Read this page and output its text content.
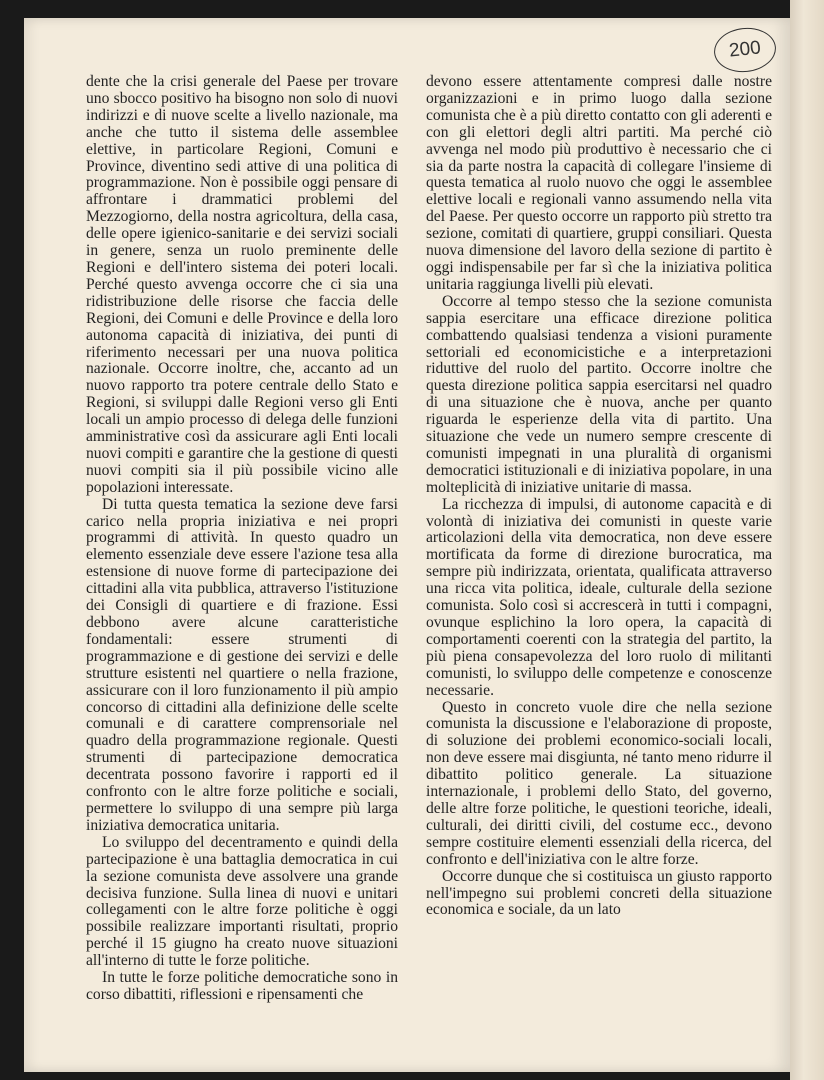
200

dente che la crisi generale del Paese per trovare uno sbocco positivo ha bisogno non solo di nuovi indirizzi e di nuove scelte a livello nazionale, ma anche che tutto il sistema delle assemblee elettive, in particolare Regioni, Comuni e Province, diventino sedi attive di una politica di programmazione. Non è possibile oggi pensare di affrontare i drammatici problemi del Mezzogiorno, della nostra agricoltura, della casa, delle opere igienico-sanitarie e dei servizi sociali in genere, senza un ruolo preminente delle Regioni e dell'intero sistema dei poteri locali. Perché questo avvenga occorre che ci sia una ridistribuzione delle risorse che faccia delle Regioni, dei Comuni e delle Province e della loro autonoma capacità di iniziativa, dei punti di riferimento necessari per una nuova politica nazionale. Occorre inoltre, che, accanto ad un nuovo rapporto tra potere centrale dello Stato e Regioni, si sviluppi dalle Regioni verso gli Enti locali un ampio processo di delega delle funzioni amministrative così da assicurare agli Enti locali nuovi compiti e garantire che la gestione di questi nuovi compiti sia il più possibile vicino alle popolazioni interessate.

Di tutta questa tematica la sezione deve farsi carico nella propria iniziativa e nei propri programmi di attività. In questo quadro un elemento essenziale deve essere l'azione tesa alla estensione di nuove forme di partecipazione dei cittadini alla vita pubblica, attraverso l'istituzione dei Consigli di quartiere e di frazione. Essi debbono avere alcune caratteristiche fondamentali: essere strumenti di programmazione e di gestione dei servizi e delle strutture esistenti nel quartiere o nella frazione, assicurare con il loro funzionamento il più ampio concorso di cittadini alla definizione delle scelte comunali e di carattere comprensoriale nel quadro della programmazione regionale. Questi strumenti di partecipazione democratica decentrata possono favorire i rapporti ed il confronto con le altre forze politiche e sociali, permettere lo sviluppo di una sempre più larga iniziativa democratica unitaria.

Lo sviluppo del decentramento e quindi della partecipazione è una battaglia democratica in cui la sezione comunista deve assolvere una grande decisiva funzione. Sulla linea di nuovi e unitari collegamenti con le altre forze politiche è oggi possibile realizzare importanti risultati, proprio perché il 15 giugno ha creato nuove situazioni all'interno di tutte le forze politiche.

In tutte le forze politiche democratiche sono in corso dibattiti, riflessioni e ripensamenti che

devono essere attentamente compresi dalle nostre organizzazioni e in primo luogo dalla sezione comunista che è a più diretto contatto con gli aderenti e con gli elettori degli altri partiti. Ma perché ciò avvenga nel modo più produttivo è necessario che ci sia da parte nostra la capacità di collegare l'insieme di questa tematica al ruolo nuovo che oggi le assemblee elettive locali e regionali vanno assumendo nella vita del Paese. Per questo occorre un rapporto più stretto tra sezione, comitati di quartiere, gruppi consiliari. Questa nuova dimensione del lavoro della sezione di partito è oggi indispensabile per far sì che la iniziativa politica unitaria raggiunga livelli più elevati.

Occorre al tempo stesso che la sezione comunista sappia esercitare una efficace direzione politica combattendo qualsiasi tendenza a visioni puramente settoriali ed economicistiche e a interpretazioni riduttive del ruolo del partito. Occorre inoltre che questa direzione politica sappia esercitarsi nel quadro di una situazione che è nuova, anche per quanto riguarda le esperienze della vita di partito. Una situazione che vede un numero sempre crescente di comunisti impegnati in una pluralità di organismi democratici istituzionali e di iniziativa popolare, in una molteplicità di iniziative unitarie di massa.

La ricchezza di impulsi, di autonome capacità e di volontà di iniziativa dei comunisti in queste varie articolazioni della vita democratica, non deve essere mortificata da forme di direzione burocratica, ma sempre più indirizzata, orientata, qualificata attraverso una ricca vita politica, ideale, culturale della sezione comunista. Solo così si accrescerà in tutti i compagni, ovunque esplichino la loro opera, la capacità di comportamenti coerenti con la strategia del partito, la più piena consapevolezza del loro ruolo di militanti comunisti, lo sviluppo delle competenze e conoscenze necessarie.

Questo in concreto vuole dire che nella sezione comunista la discussione e l'elaborazione di proposte, di soluzione dei problemi economico-sociali locali, non deve essere mai disgiunta, né tanto meno ridurre il dibattito politico generale. La situazione internazionale, i problemi dello Stato, del governo, delle altre forze politiche, le questioni teoriche, ideali, culturali, dei diritti civili, del costume ecc., devono sempre costituire elementi essenziali della ricerca, del confronto e dell'iniziativa con le altre forze.

Occorre dunque che si costituisca un giusto rapporto nell'impegno sui problemi concreti della situazione economica e sociale, da un lato
